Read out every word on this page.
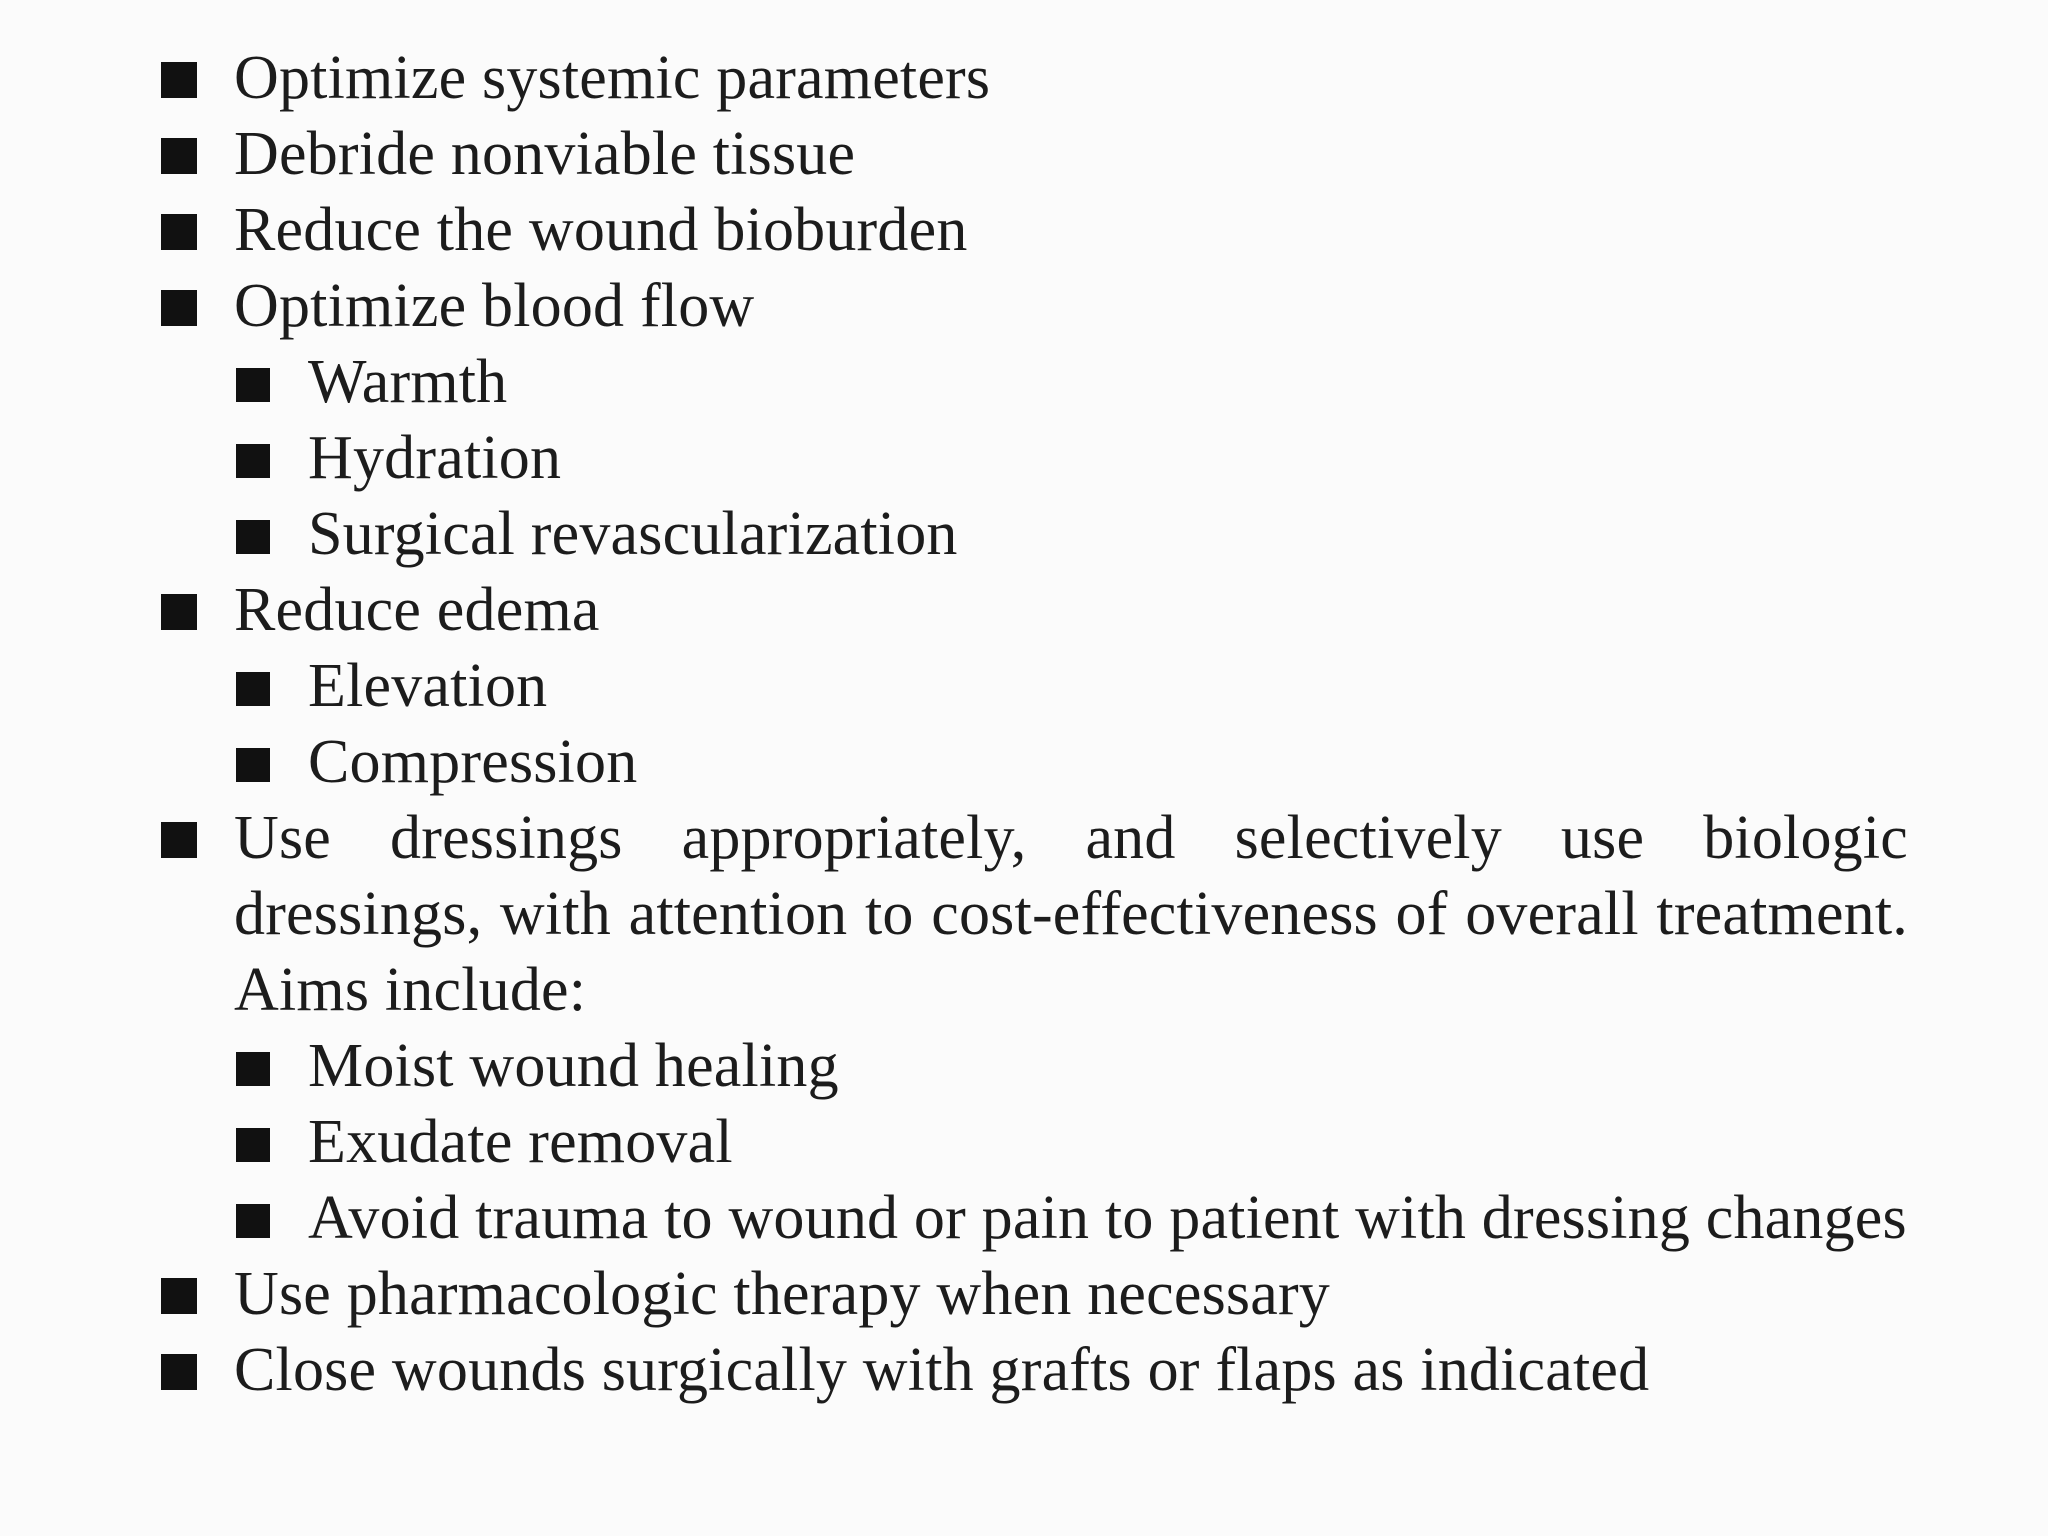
Optimize systemic parameters
Debride nonviable tissue
Reduce the wound bioburden
Optimize blood flow
Warmth
Hydration
Surgical revascularization
Reduce edema
Elevation
Compression
Use dressings appropriately, and selectively use biologic dressings, with attention to cost-effectiveness of overall treatment. Aims include:
Moist wound healing
Exudate removal
Avoid trauma to wound or pain to patient with dressing changes
Use pharmacologic therapy when necessary
Close wounds surgically with grafts or flaps as indicated
